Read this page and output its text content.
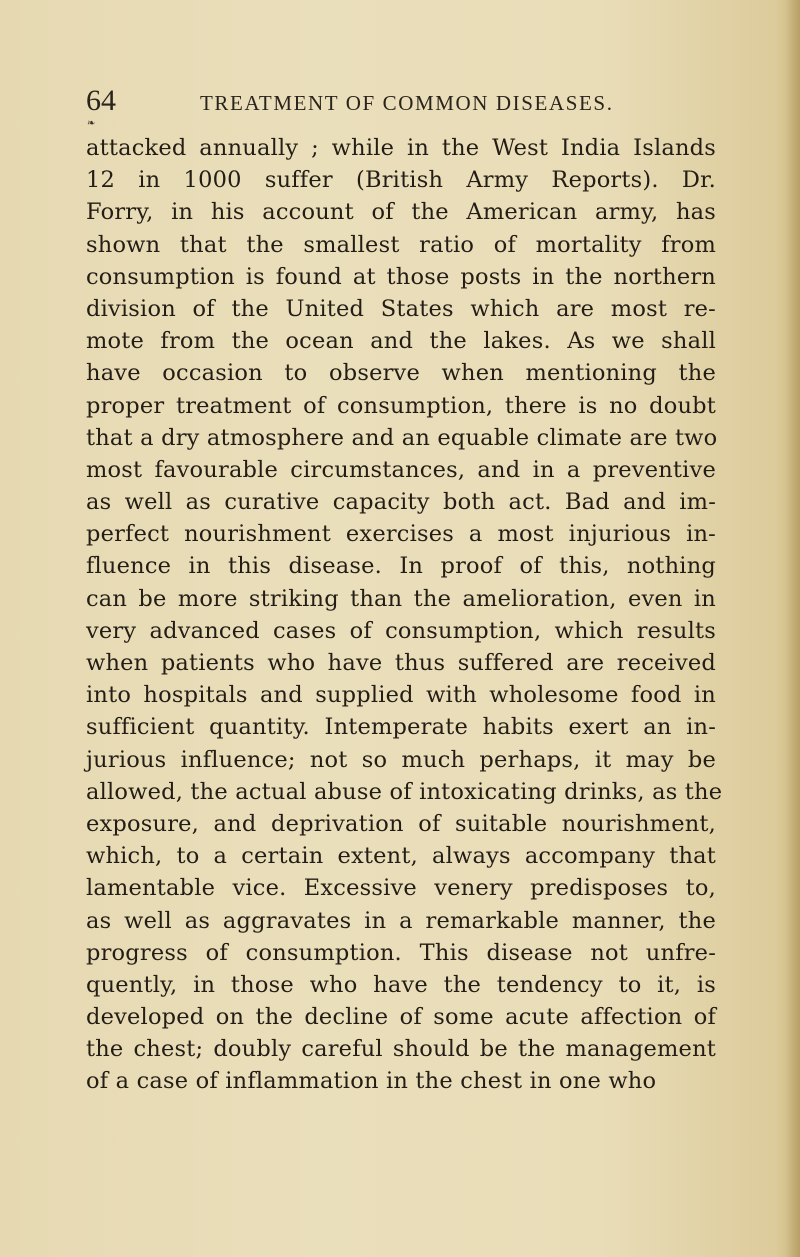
64	TREATMENT OF COMMON DISEASES.
❧
attacked annually ; while in the West India Islands
12 in 1000 suffer (British Army Reports). Dr.
Forry, in his account of the American army, has
shown that the smallest ratio of mortality from
consumption is found at those posts in the northern
division of the United States which are most re-
mote from the ocean and the lakes. As we shall
have occasion to observe when mentioning the
proper treatment of consumption, there is no doubt
that a dry atmosphere and an equable climate are two
most favourable circumstances, and in a preventive
as well as curative capacity both act. Bad and im-
perfect nourishment exercises a most injurious in-
fluence in this disease. In proof of this, nothing
can be more striking than the amelioration, even in
very advanced cases of consumption, which results
when patients who have thus suffered are received
into hospitals and supplied with wholesome food in
sufficient quantity. Intemperate habits exert an in-
jurious influence; not so much perhaps, it may be
allowed, the actual abuse of intoxicating drinks, as the
exposure, and deprivation of suitable nourishment,
which, to a certain extent, always accompany that
lamentable vice. Excessive venery predisposes to,
as well as aggravates in a remarkable manner, the
progress of consumption. This disease not unfre-
quently, in those who have the tendency to it, is
developed on the decline of some acute affection of
the chest; doubly careful should be the management
of a case of inflammation in the chest in one who
